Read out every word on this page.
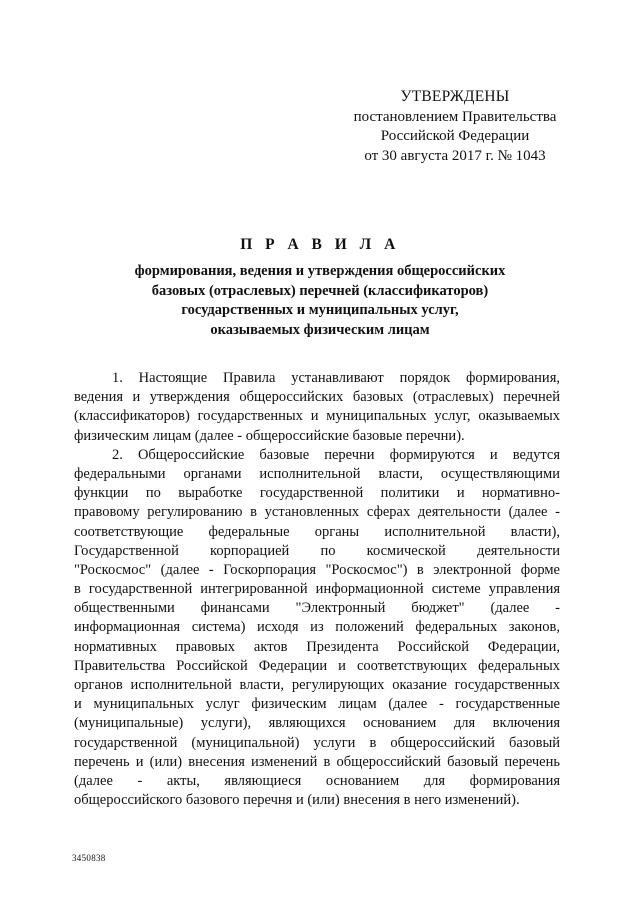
УТВЕРЖДЕНЫ
постановлением Правительства
Российской Федерации
от 30 августа 2017 г. № 1043
П Р А В И Л А
формирования, ведения и утверждения общероссийских
базовых (отраслевых) перечней (классификаторов)
государственных и муниципальных услуг,
оказываемых физическим лицам
1. Настоящие Правила устанавливают порядок формирования,
ведения и утверждения общероссийских базовых (отраслевых) перечней
(классификаторов) государственных и муниципальных услуг, оказываемых
физическим лицам (далее - общероссийские базовые перечни).
2. Общероссийские базовые перечни формируются и ведутся
федеральными органами исполнительной власти, осуществляющими
функции по выработке государственной политики и нормативно-
правовому регулированию в установленных сферах деятельности (далее -
соответствующие федеральные органы исполнительной власти),
Государственной корпорацией по космической деятельности
"Роскосмос" (далее - Госкорпорация "Роскосмос") в электронной форме
в государственной интегрированной информационной системе управления
общественными финансами "Электронный бюджет" (далее -
информационная система) исходя из положений федеральных законов,
нормативных правовых актов Президента Российской Федерации,
Правительства Российской Федерации и соответствующих федеральных
органов исполнительной власти, регулирующих оказание государственных
и муниципальных услуг физическим лицам (далее - государственные
(муниципальные) услуги), являющихся основанием для включения
государственной (муниципальной) услуги в общероссийский базовый
перечень и (или) внесения изменений в общероссийский базовый перечень
(далее - акты, являющиеся основанием для формирования
общероссийского базового перечня и (или) внесения в него изменений).
3450838
